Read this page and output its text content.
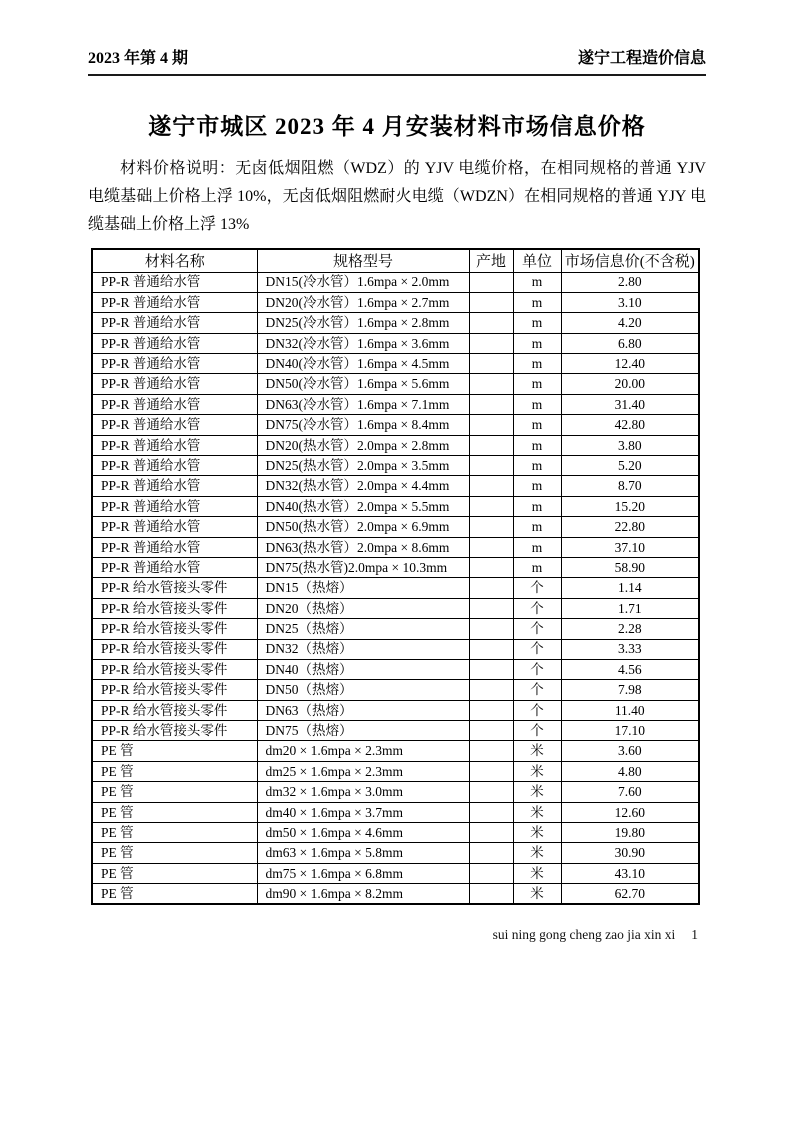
2023 年第 4 期	遂宁工程造价信息
遂宁市城区 2023 年 4 月安装材料市场信息价格

材料价格说明：无卤低烟阻燃（WDZ）的 YJV 电缆价格，在相同规格的普通 YJV 电缆基础上价格上浮 10%，无卤低烟阻燃耐火电缆（WDZN）在相同规格的普通 YJY 电缆基础上价格上浮 13%

材料名称	规格型号	产地	单位	市场信息价(不含税)
PP-R 普通给水管	DN15(冷水管）1.6mpa × 2.0mm		m	2.80
PP-R 普通给水管	DN20(冷水管）1.6mpa × 2.7mm		m	3.10
PP-R 普通给水管	DN25(冷水管）1.6mpa × 2.8mm		m	4.20
PP-R 普通给水管	DN32(冷水管）1.6mpa × 3.6mm		m	6.80
PP-R 普通给水管	DN40(冷水管）1.6mpa × 4.5mm		m	12.40
PP-R 普通给水管	DN50(冷水管）1.6mpa × 5.6mm		m	20.00
PP-R 普通给水管	DN63(冷水管）1.6mpa × 7.1mm		m	31.40
PP-R 普通给水管	DN75(冷水管）1.6mpa × 8.4mm		m	42.80
PP-R 普通给水管	DN20(热水管）2.0mpa × 2.8mm		m	3.80
PP-R 普通给水管	DN25(热水管）2.0mpa × 3.5mm		m	5.20
PP-R 普通给水管	DN32(热水管）2.0mpa × 4.4mm		m	8.70
PP-R 普通给水管	DN40(热水管）2.0mpa × 5.5mm		m	15.20
PP-R 普通给水管	DN50(热水管）2.0mpa × 6.9mm		m	22.80
PP-R 普通给水管	DN63(热水管）2.0mpa × 8.6mm		m	37.10
PP-R 普通给水管	DN75(热水管)2.0mpa × 10.3mm		m	58.90
PP-R 给水管接头零件	DN15（热熔）		个	1.14
PP-R 给水管接头零件	DN20（热熔）		个	1.71
PP-R 给水管接头零件	DN25（热熔）		个	2.28
PP-R 给水管接头零件	DN32（热熔）		个	3.33
PP-R 给水管接头零件	DN40（热熔）		个	4.56
PP-R 给水管接头零件	DN50（热熔）		个	7.98
PP-R 给水管接头零件	DN63（热熔）		个	11.40
PP-R 给水管接头零件	DN75（热熔）		个	17.10
PE 管	dm20 × 1.6mpa × 2.3mm		米	3.60
PE 管	dm25 × 1.6mpa × 2.3mm		米	4.80
PE 管	dm32 × 1.6mpa × 3.0mm		米	7.60
PE 管	dm40 × 1.6mpa × 3.7mm		米	12.60
PE 管	dm50 × 1.6mpa × 4.6mm		米	19.80
PE 管	dm63 × 1.6mpa × 5.8mm		米	30.90
PE 管	dm75 × 1.6mpa × 6.8mm		米	43.10
PE 管	dm90 × 1.6mpa × 8.2mm		米	62.70
sui ning gong cheng zao jia xin xi 1
